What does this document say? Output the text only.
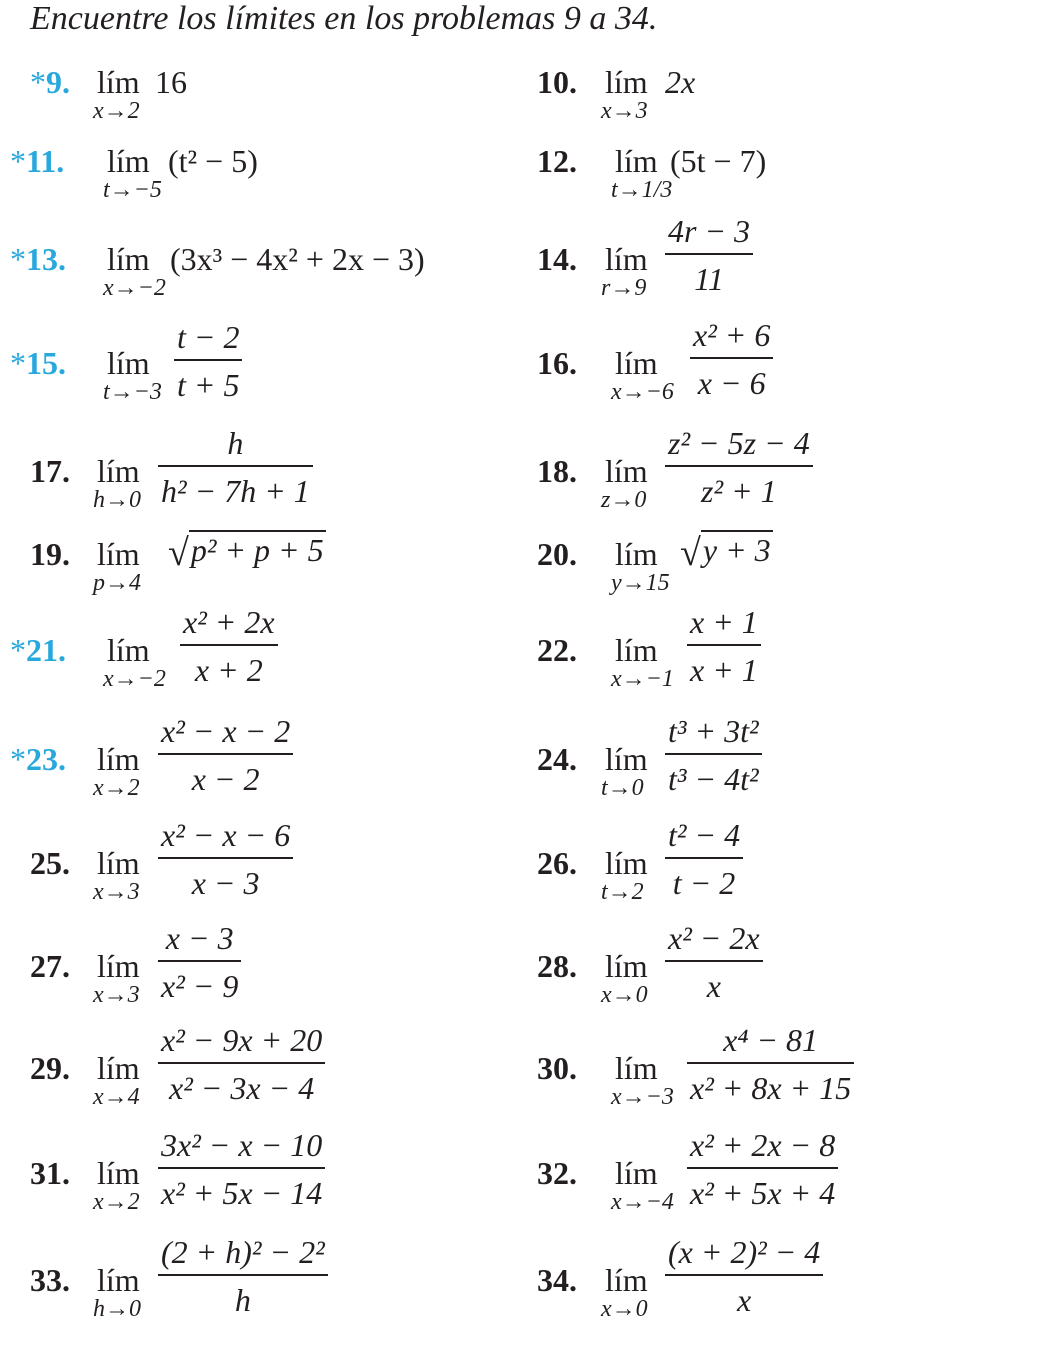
Encuentre los límites en los problemas 9 a 34.
*9. lím
x→2
16	10. lím
x→3
2x
*11. lím
t→−5
(t² − 5)	12. lím
t→1/3
(5t − 7)
*13. lím
x→−2
(3x³ − 4x² + 2x − 3)	14. lím
r→9
4r − 3
11
*15. lím
t→−3
t − 2
t + 5
16. lím
x→−6
x² + 6
x − 6
17. lím
h→0
h
h² − 7h + 1
18. lím
z→0
z² − 5z − 4
z² + 1
19. lím
p→4
√p² + p + 5	20. lím
y→15
√y + 3
*21. lím
x→−2
x² + 2x
x + 2
22. lím
x→−1
x + 1
x + 1
*23. lím
x→2
x² − x − 2
x − 2
24. lím
t→0
t³ + 3t²
t³ − 4t²
25. lím
x→3
x² − x − 6
x − 3
26. lím
t→2
t² − 4
t − 2
27. lím
x→3
x − 3
x² − 9
28. lím
x→0
x² − 2x
x
29. lím
x→4
x² − 9x + 20
x² − 3x − 4
30. lím
x→−3
x⁴ − 81
x² + 8x + 15
31. lím
x→2
3x² − x − 10
x² + 5x − 14
32. lím
x→−4
x² + 2x − 8
x² + 5x + 4
33. lím
h→0
(2 + h)² − 2²
h
34. lím
x→0
(x + 2)² − 4
x
